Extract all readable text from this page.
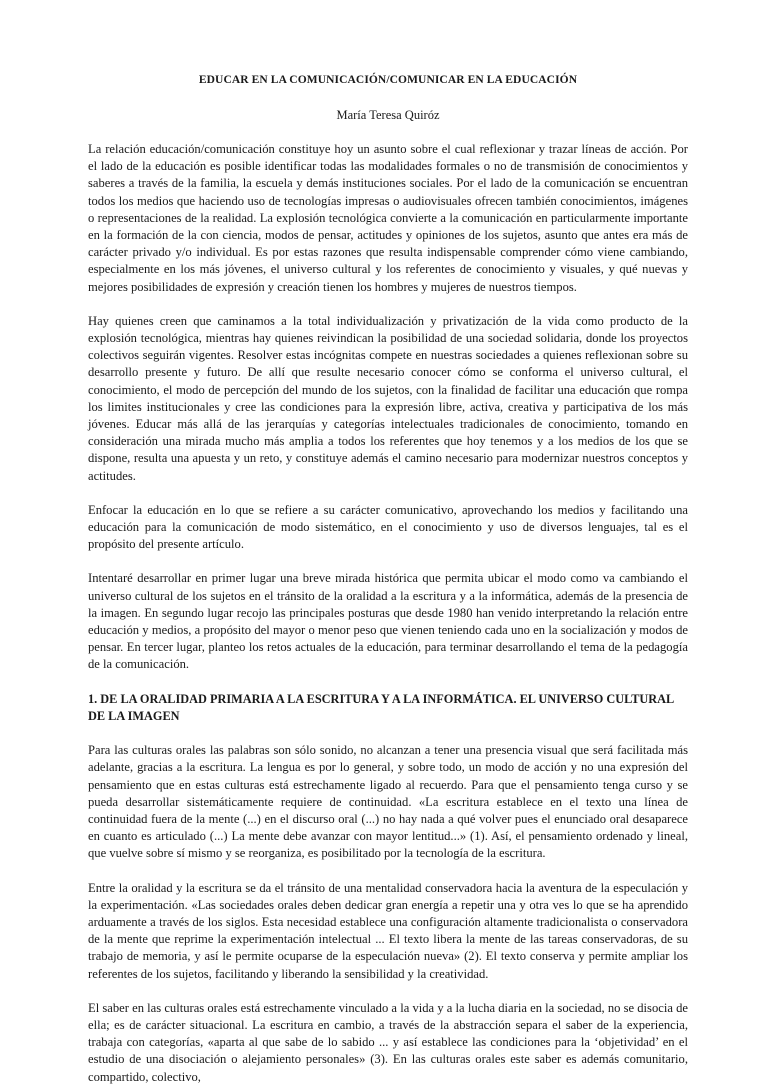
EDUCAR EN LA COMUNICACIÓN/COMUNICAR EN LA EDUCACIÓN

María Teresa Quiróz

La relación educación/comunicación constituye hoy un asunto sobre el cual reflexionar y trazar líneas de acción. Por el lado de la educación es posible identificar todas las modalidades formales o no de transmisión de conocimientos y saberes a través de la familia, la escuela y demás instituciones sociales. Por el lado de la comunicación se encuentran todos los medios que haciendo uso de tecnologías impresas o audiovisuales ofrecen también conocimientos, imágenes o representaciones de la realidad. La explosión tecnológica convierte a la comunicación en particularmente importante en la formación de la con ciencia, modos de pensar, actitudes y opiniones de los sujetos, asunto que antes era más de carácter privado y/o individual. Es por estas razones que resulta indispensable comprender cómo viene cambiando, especialmente en los más jóvenes, el universo cultural y los referentes de conocimiento y visuales, y qué nuevas y mejores posibilidades de expresión y creación tienen los hombres y mujeres de nuestros tiempos.

Hay quienes creen que caminamos a la total individualización y privatización de la vida como producto de la explosión tecnológica, mientras hay quienes reivindican la posibilidad de una sociedad solidaria, donde los proyectos colectivos seguirán vigentes. Resolver estas incógnitas compete en nuestras sociedades a quienes reflexionan sobre su desarrollo presente y futuro. De allí que resulte necesario conocer cómo se conforma el universo cultural, el conocimiento, el modo de percepción del mundo de los sujetos, con la finalidad de facilitar una educación que rompa los limites institucionales y cree las condiciones para la expresión libre, activa, creativa y participativa de los más jóvenes. Educar más allá de las jerarquías y categorías intelectuales tradicionales de conocimiento, tomando en consideración una mirada mucho más amplia a todos los referentes que hoy tenemos y a los medios de los que se dispone, resulta una apuesta y un reto, y constituye además el camino necesario para modernizar nuestros conceptos y actitudes.

Enfocar la educación en lo que se refiere a su carácter comunicativo, aprovechando los medios y facilitando una educación para la comunicación de modo sistemático, en el conocimiento y uso de diversos lenguajes, tal es el propósito del presente artículo.

Intentaré desarrollar en primer lugar una breve mirada histórica que permita ubicar el modo como va cambiando el universo cultural de los sujetos en el tránsito de la oralidad a la escritura y a la informática, además de la presencia de la imagen. En segundo lugar recojo las principales posturas que desde 1980 han venido interpretando la relación entre educación y medios, a propósito del mayor o menor peso que vienen teniendo cada uno en la socialización y modos de pensar. En tercer lugar, planteo los retos actuales de la educación, para terminar desarrollando el tema de la pedagogía de la comunicación.

1. DE LA ORALIDAD PRIMARIA A LA ESCRITURA Y A LA INFORMÁTICA. EL UNIVERSO CULTURAL DE LA IMAGEN

Para las culturas orales las palabras son sólo sonido, no alcanzan a tener una presencia visual que será facilitada más adelante, gracias a la escritura. La lengua es por lo general, y sobre todo, un modo de acción y no una expresión del pensamiento que en estas culturas está estrechamente ligado al recuerdo. Para que el pensamiento tenga curso y se pueda desarrollar sistemáticamente requiere de continuidad. «La escritura establece en el texto una línea de continuidad fuera de la mente (...) en el discurso oral (...) no hay nada a qué volver pues el enunciado oral desaparece en cuanto es articulado (...) La mente debe avanzar con mayor lentitud...» (1). Así, el pensamiento ordenado y lineal, que vuelve sobre sí mismo y se reorganiza, es posibilitado por la tecnología de la escritura.

Entre la oralidad y la escritura se da el tránsito de una mentalidad conservadora hacia la aventura de la especulación y la experimentación. «Las sociedades orales deben dedicar gran energía a repetir una y otra ves lo que se ha aprendido arduamente a través de los siglos. Esta necesidad establece una configuración altamente tradicionalista o conservadora de la mente que reprime la experimentación intelectual ... El texto libera la mente de las tareas conservadoras, de su trabajo de memoria, y así le permite ocuparse de la especulación nueva» (2). El texto conserva y permite ampliar los referentes de los sujetos, facilitando y liberando la sensibilidad y la creatividad.

El saber en las culturas orales está estrechamente vinculado a la vida y a la lucha diaria en la sociedad, no se disocia de ella; es de carácter situacional. La escritura en cambio, a través de la abstracción separa el saber de la experiencia, trabaja con categorías, «aparta al que sabe de lo sabido ... y así establece las condiciones para la ‘objetividad’ en el estudio de una disociación o alejamiento personales» (3). En las culturas orales este saber es además comunitario, compartido, colectivo,
